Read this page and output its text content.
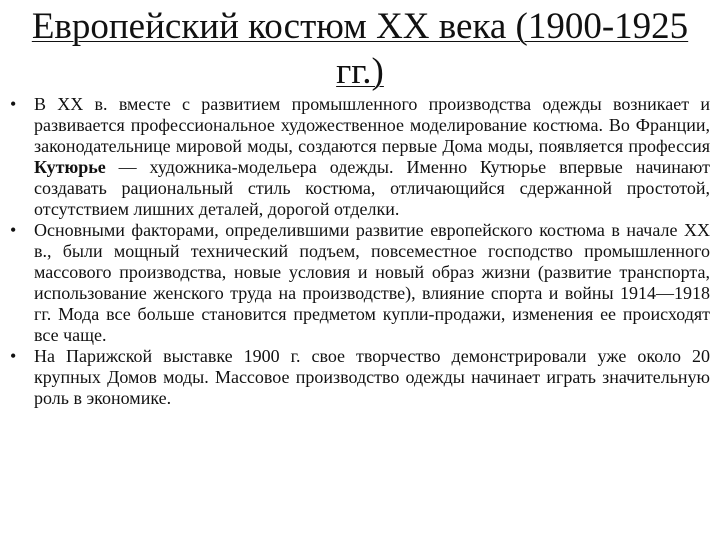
Европейский костюм XX века (1900-1925 гг.)
• В XX в. вместе с развитием промышленного производства одежды возникает и развивается профессиональное художественное моделирование костюма. Во Франции, законодательнице мировой моды, создаются первые Дома моды, появляется профессия Кутюрье — художника-модельера одежды. Именно Кутюрье впервые начинают создавать рациональный стиль костюма, отличающийся сдержанной простотой, отсутствием лишних деталей, дорогой отделки.
• Основными факторами, определившими развитие европейского костюма в начале XX в., были мощный технический подъем, повсеместное господство промышленного массового производства, новые условия и новый образ жизни (развитие транспорта, использование женского труда на производстве), влияние спорта и войны 1914—1918 гг. Мода все больше становится предметом купли-продажи, изменения ее происходят все чаще.
• На Парижской выставке 1900 г. свое творчество демонстрировали уже около 20 крупных Домов моды. Массовое производство одежды начинает играть значительную роль в экономике.
